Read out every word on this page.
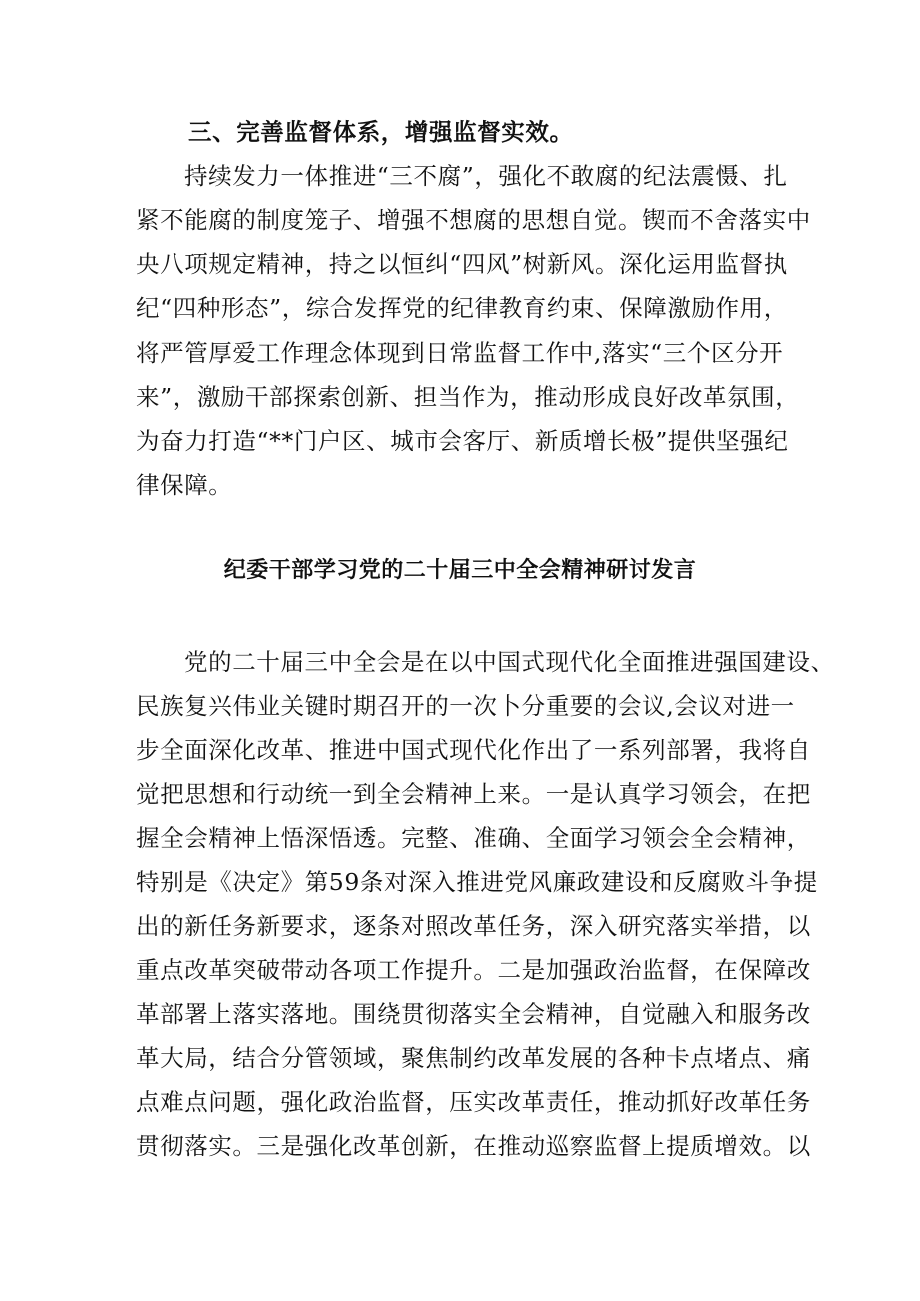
三、完善监督体系，增强监督实效。
持续发力一体推进“三不腐”，强化不敢腐的纪法震慑、扎
紧不能腐的制度笼子、增强不想腐的思想自觉。锲而不舍落实中
央八项规定精神，持之以恒纠“四风”树新风。深化运用监督执
纪“四种形态”，综合发挥党的纪律教育约束、保障激励作用，
将严管厚爱工作理念体现到日常监督工作中,落实“三个区分开
来”，激励干部探索创新、担当作为，推动形成良好改革氛围，
为奋力打造“**门户区、城市会客厅、新质增长极”提供坚强纪
律保障。
纪委干部学习党的二十届三中全会精神研讨发言
党的二十届三中全会是在以中国式现代化全面推进强国建设、
民族复兴伟业关键时期召开的一次卜分重要的会议,会议对进一
步全面深化改革、推进中国式现代化作出了一系列部署，我将自
觉把思想和行动统一到全会精神上来。一是认真学习领会，在把
握全会精神上悟深悟透。完整、准确、全面学习领会全会精神，
特别是《决定》第59条对深入推进党风廉政建设和反腐败斗争提
出的新任务新要求，逐条对照改革任务，深入研究落实举措，以
重点改革突破带动各项工作提升。二是加强政治监督，在保障改
革部署上落实落地。围绕贯彻落实全会精神，自觉融入和服务改
革大局，结合分管领域，聚焦制约改革发展的各种卡点堵点、痛
点难点问题，强化政治监督，压实改革责任，推动抓好改革任务
贯彻落实。三是强化改革创新，在推动巡察监督上提质增效。以
